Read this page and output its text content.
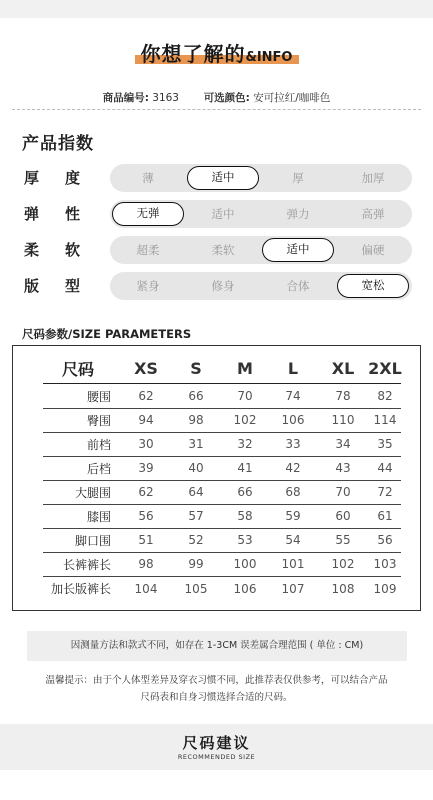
你想了解的&INFO
商品编号: 3163 可选颜色: 安可拉红/咖啡色
产品指数
厚 度	薄	适中	厚	加厚
弹 性	无弹	适中	弹力	高弹
柔 软	超柔	柔软	适中	偏硬
版 型	紧身	修身	合体	宽松
尺码参数/SIZE PARAMETERS
尺码	XS	S	M	L	XL 2XL
腰围	62	66	70	74	78	82
臀围	94	98	102	106	110	114
前档	30	31	32	33	34	35
后档	39	40	41	42	43	44
大腿围	62	64	66	68	70	72
膝围	56	57	58	59	60	61
脚口围	51	52	53	54	55	56
长裤裤长	98	99	100	101	102	103
加长版裤长	104	105	106	107	108	109
因测量方法和款式不同，如存在 1-3CM 误差属合理范围 ( 单位 : CM)
温馨提示：由于个人体型差异及穿衣习惯不同，此推荐表仅供参考，可以结合产品
尺码表和自身习惯选择合适的尺码。
尺码建议
RECOMMENDED SIZE
